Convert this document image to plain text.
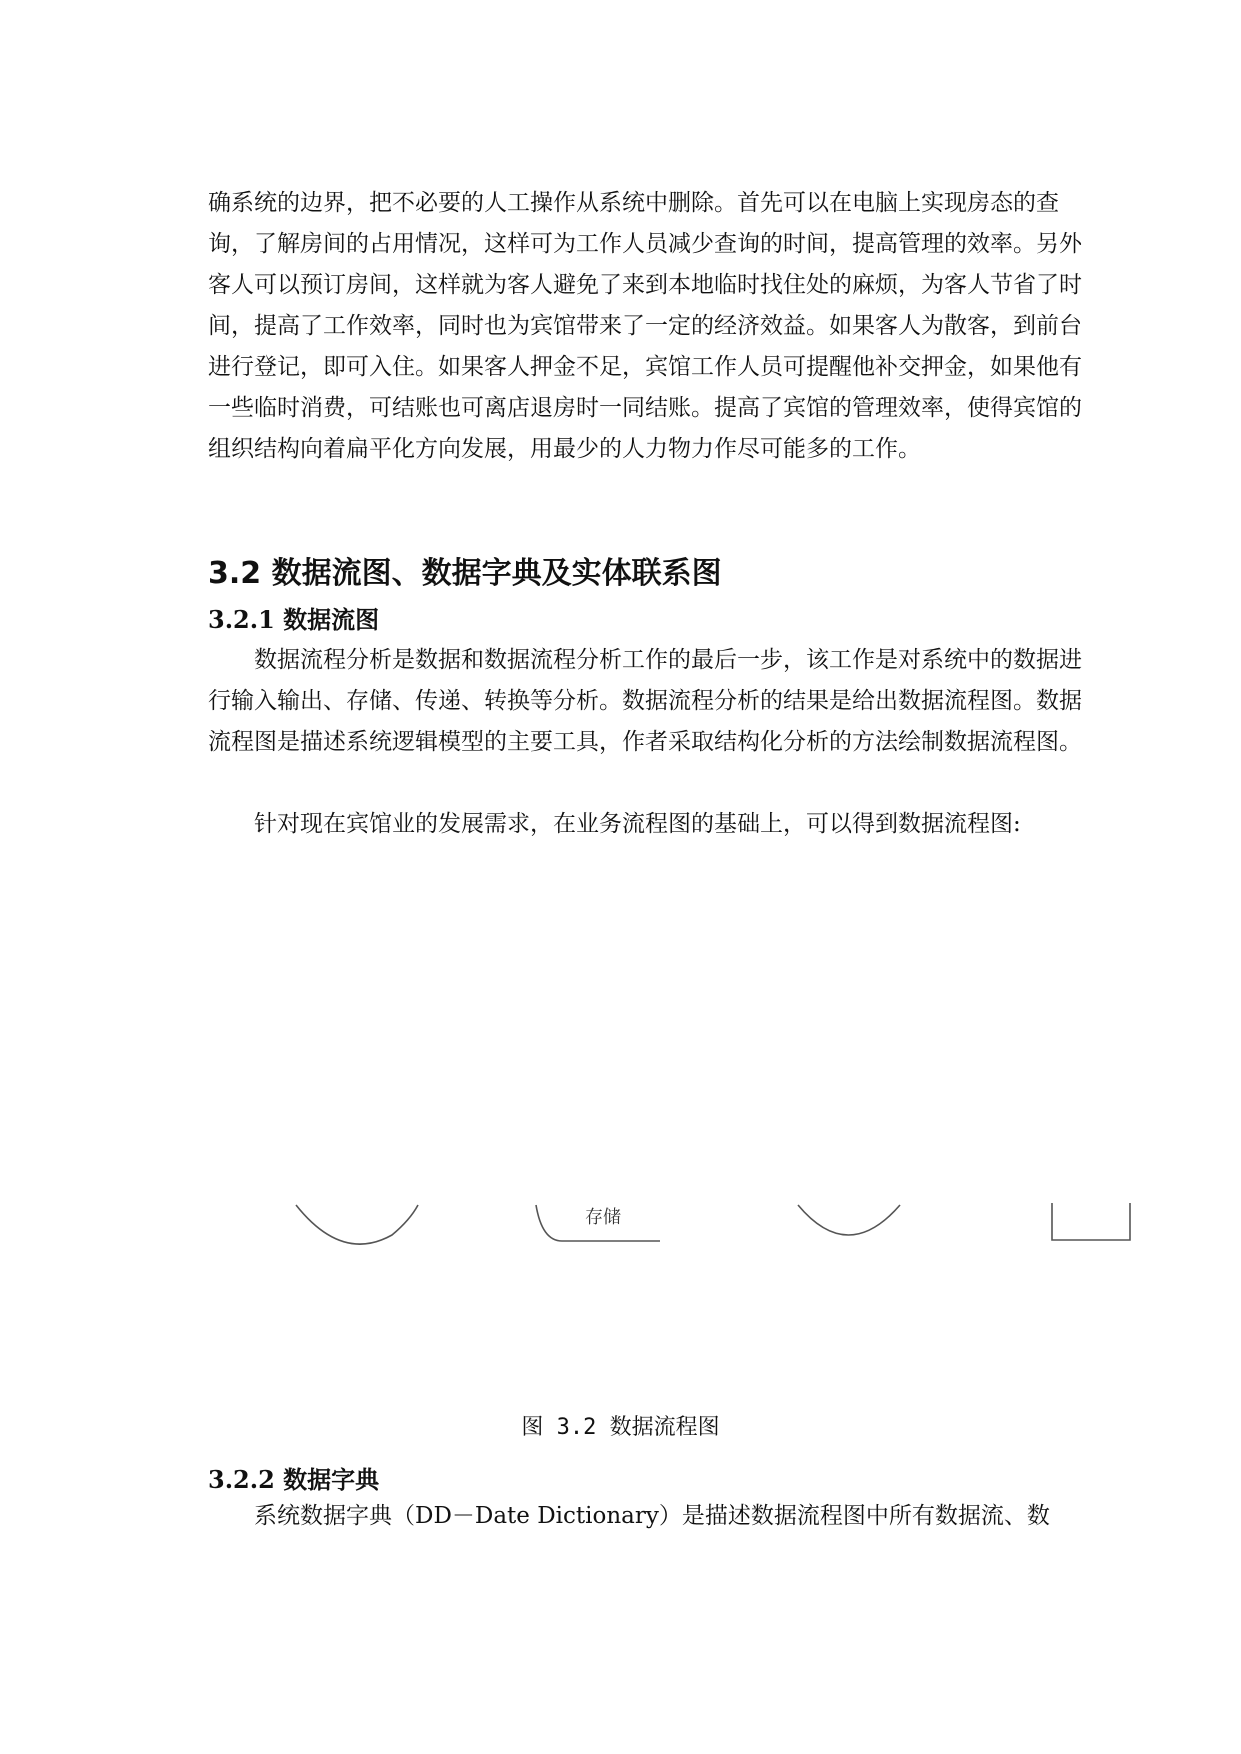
确系统的边界，把不必要的人工操作从系统中删除。首先可以在电脑上实现房态的查询，了解房间的占用情况，这样可为工作人员减少查询的时间，提高管理的效率。另外客人可以预订房间，这样就为客人避免了来到本地临时找住处的麻烦，为客人节省了时间，提高了工作效率，同时也为宾馆带来了一定的经济效益。如果客人为散客，到前台进行登记，即可入住。如果客人押金不足，宾馆工作人员可提醒他补交押金，如果他有一些临时消费，可结账也可离店退房时一同结账。提高了宾馆的管理效率，使得宾馆的组织结构向着扁平化方向发展，用最少的人力物力作尽可能多的工作。

3.2 数据流图、数据字典及实体联系图
3.2.1 数据流图

数据流程分析是数据和数据流程分析工作的最后一步，该工作是对系统中的数据进行输入输出、存储、传递、转换等分析。数据流程分析的结果是给出数据流程图。数据流程图是描述系统逻辑模型的主要工具，作者采取结构化分析的方法绘制数据流程图。

针对现在宾馆业的发展需求，在业务流程图的基础上，可以得到数据流程图:

存储

图 3.2 数据流程图

3.2.2 数据字典

系统数据字典（DD－Date Dictionary）是描述数据流程图中所有数据流、数
